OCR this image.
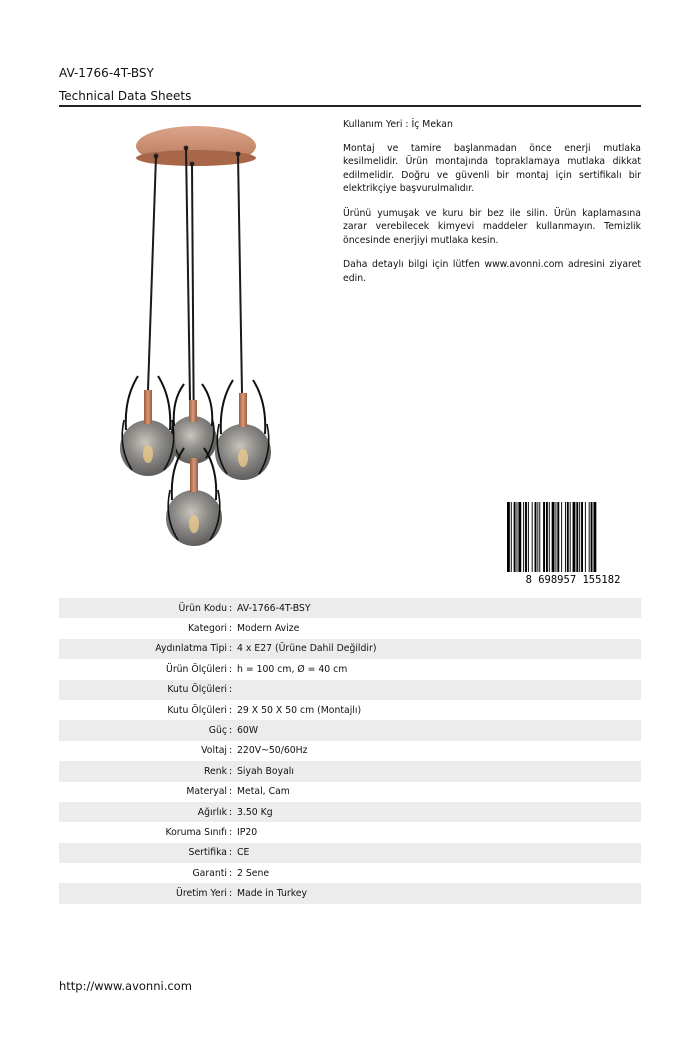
AV-1766-4T-BSY
Technical Data Sheets

Kullanım Yeri : İç Mekan

Montaj ve tamire başlanmadan önce enerji mutlaka kesilmelidir. Ürün montajında topraklamaya mutlaka dikkat edilmelidir. Doğru ve güvenli bir montaj için sertifikalı bir elektrikçiye başvurulmalıdır.

Ürünü yumuşak ve kuru bir bez ile silin. Ürün kaplamasına zarar verebilecek kimyevi maddeler kullanmayın. Temizlik öncesinde enerjiyi mutlaka kesin.

Daha detaylı bilgi için lütfen www.avonni.com adresini ziyaret edin.

8 698957 155182
Ürün Kodu : AV-1766-4T-BSY
Kategori : Modern Avize
Aydınlatma Tipi : 4 x E27 (Ürüne Dahil Değildir)
Ürün Ölçüleri : h = 100 cm, Ø = 40 cm
Kutu Ölçüleri :
Kutu Ölçüleri : 29 X 50 X 50 cm (Montajlı)
Güç : 60W
Voltaj : 220V~50/60Hz
Renk : Siyah Boyalı
Materyal : Metal, Cam
Ağırlık : 3.50 Kg
Koruma Sınıfı : IP20
Sertifika : CE
Garanti : 2 Sene
Üretim Yeri : Made in Turkey
http://www.avonni.com
